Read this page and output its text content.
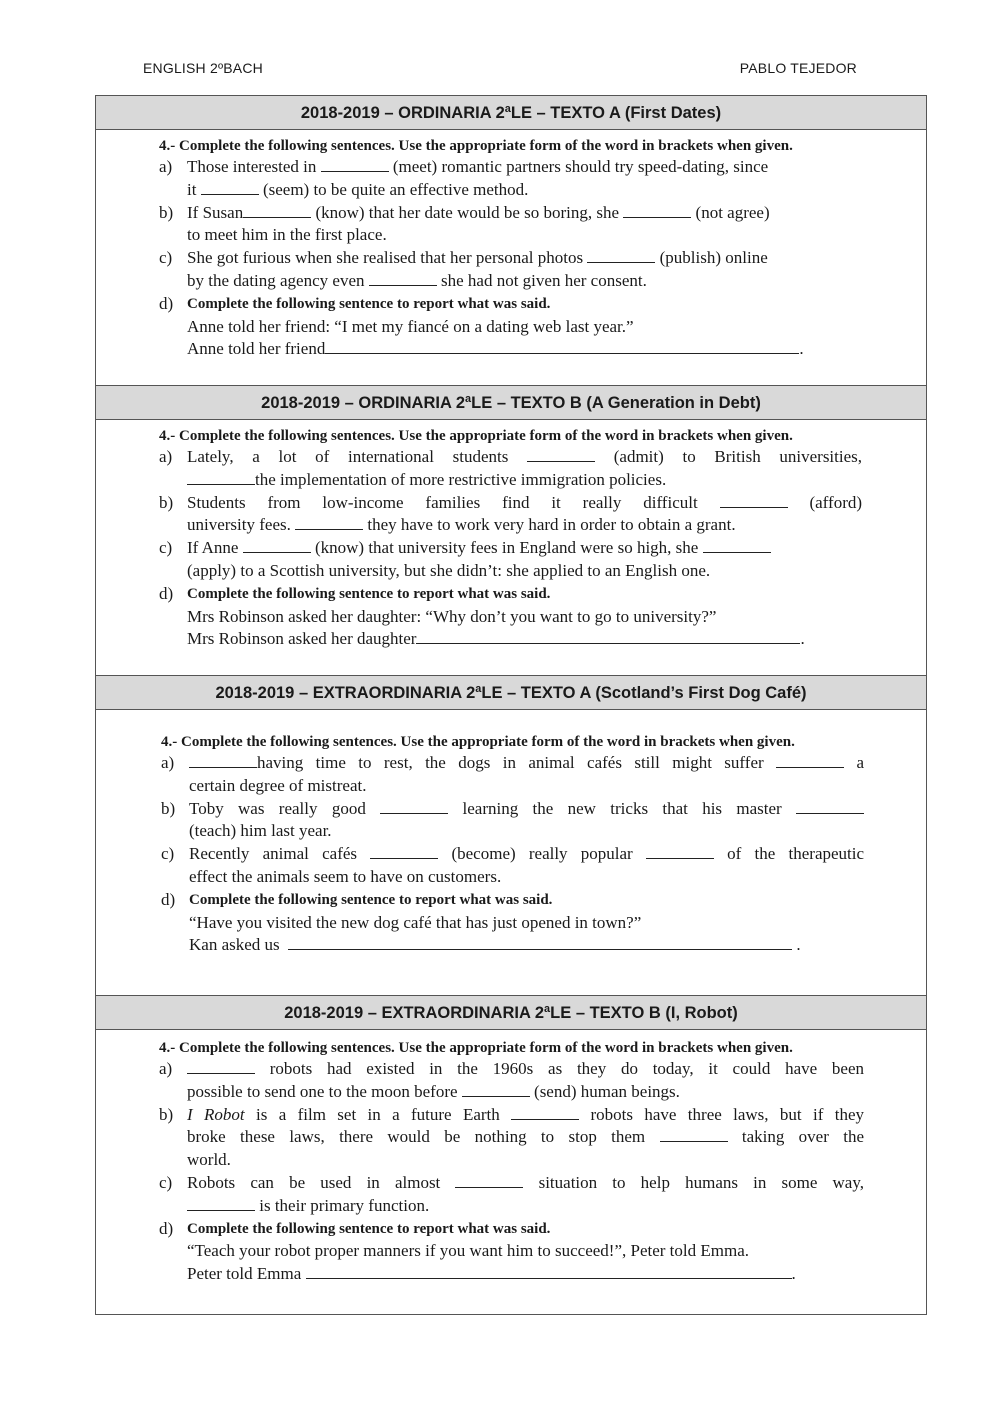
ENGLISH 2ºBACH	PABLO TEJEDOR
2018-2019 – ORDINARIA 2ªLE – TEXTO A (First Dates)
4.- Complete the following sentences. Use the appropriate form of the word in brackets when given.
a) Those interested in	(meet) romantic partners should try speed-dating, since
it	(seem) to be quite an effective method.
b) If Susan	(know) that her date would be so boring, she	(not agree)
to meet him in the first place.
c) She got furious when she realised that her personal photos	(publish) online
by the dating agency even	she had not given her consent.
d) Complete the following sentence to report what was said.
Anne told her friend: “I met my fiancé on a dating web last year.”
Anne told her friend	.
2018-2019 – ORDINARIA 2ªLE – TEXTO B (A Generation in Debt)
4.- Complete the following sentences. Use the appropriate form of the word in brackets when given.
a) Lately, a lot of international students	(admit) to British universities,
the implementation of more restrictive immigration policies.
b) Students from low-income families find it really difficult	(afford)
university fees.	they have to work very hard in order to obtain a grant.
c) If Anne	(know) that university fees in England were so high, she
(apply) to a Scottish university, but she didn’t: she applied to an English one.
d) Complete the following sentence to report what was said.
Mrs Robinson asked her daughter: “Why don’t you want to go to university?”
Mrs Robinson asked her daughter	.
2018-2019 – EXTRAORDINARIA 2ªLE – TEXTO A (Scotland’s First Dog Café)
4.- Complete the following sentences. Use the appropriate form of the word in brackets when given.
a)	having time to rest, the dogs in animal cafés still might suffer	a
certain degree of mistreat.
b) Toby was really good	learning the new tricks that his master
(teach) him last year.
c) Recently animal cafés	(become) really popular	of the therapeutic
effect the animals seem to have on customers.
d) Complete the following sentence to report what was said.
“Have you visited the new dog café that has just opened in town?”
Kan asked us	.
2018-2019 – EXTRAORDINARIA 2ªLE – TEXTO B (I, Robot)
4.- Complete the following sentences. Use the appropriate form of the word in brackets when given.
a)	robots had existed in the 1960s as they do today, it could have been
possible to send one to the moon before	(send) human beings.
b) I Robot is a film set in a future Earth	robots have three laws, but if they
broke these laws, there would be nothing to stop them	taking over the
world.
c) Robots can be used in almost	situation to help humans in some way,
is their primary function.
d) Complete the following sentence to report what was said.
“Teach your robot proper manners if you want him to succeed!”, Peter told Emma.
Peter told Emma	.
